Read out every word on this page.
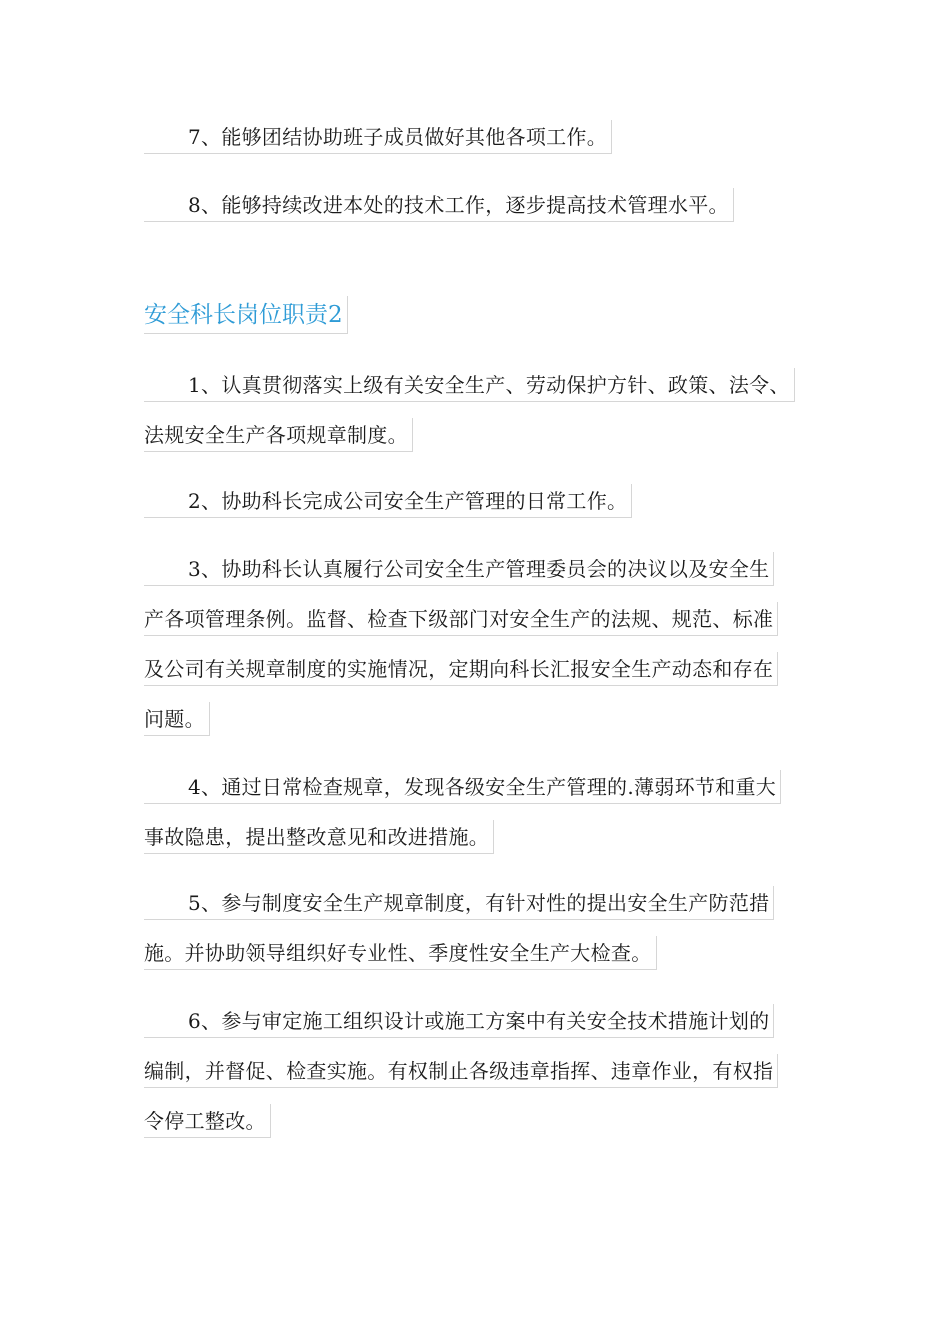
7、能够团结协助班子成员做好其他各项工作。
8、能够持续改进本处的技术工作，逐步提高技术管理水平。
安全科长岗位职责2
1、认真贯彻落实上级有关安全生产、劳动保护方针、政策、法令、
法规安全生产各项规章制度。
2、协助科长完成公司安全生产管理的日常工作。
3、协助科长认真履行公司安全生产管理委员会的决议以及安全生
产各项管理条例。监督、检查下级部门对安全生产的法规、规范、标准
及公司有关规章制度的实施情况，定期向科长汇报安全生产动态和存在
问题。
4、通过日常检查规章，发现各级安全生产管理的.薄弱环节和重大
事故隐患，提出整改意见和改进措施。
5、参与制度安全生产规章制度，有针对性的提出安全生产防范措
施。并协助领导组织好专业性、季度性安全生产大检查。
6、参与审定施工组织设计或施工方案中有关安全技术措施计划的
编制，并督促、检查实施。有权制止各级违章指挥、违章作业，有权指
令停工整改。
